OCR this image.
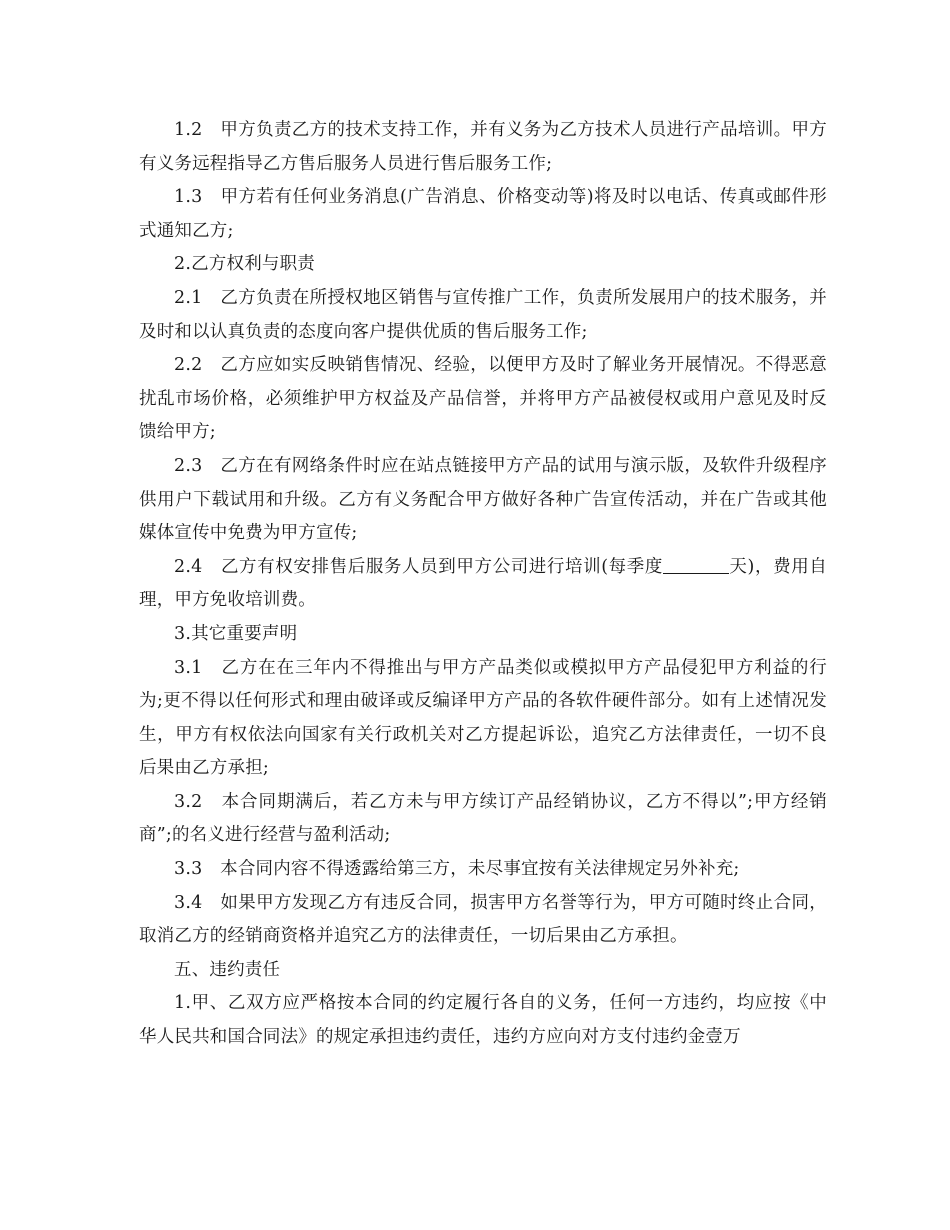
1.2　甲方负责乙方的技术支持工作，并有义务为乙方技术人员进行产品培训。甲方有义务远程指导乙方售后服务人员进行售后服务工作;

1.3　甲方若有任何业务消息(广告消息、价格变动等)将及时以电话、传真或邮件形式通知乙方;

2.乙方权利与职责

2.1　乙方负责在所授权地区销售与宣传推广工作，负责所发展用户的技术服务，并及时和以认真负责的态度向客户提供优质的售后服务工作;

2.2　乙方应如实反映销售情况、经验，以便甲方及时了解业务开展情况。不得恶意扰乱市场价格，必须维护甲方权益及产品信誉，并将甲方产品被侵权或用户意见及时反馈给甲方;

2.3　乙方在有网络条件时应在站点链接甲方产品的试用与演示版，及软件升级程序供用户下载试用和升级。乙方有义务配合甲方做好各种广告宣传活动，并在广告或其他媒体宣传中免费为甲方宣传;

2.4　乙方有权安排售后服务人员到甲方公司进行培训(每季度	天)，费用自理，甲方免收培训费。

3.其它重要声明

3.1　乙方在在三年内不得推出与甲方产品类似或模拟甲方产品侵犯甲方利益的行为;更不得以任何形式和理由破译或反编译甲方产品的各软件硬件部分。如有上述情况发生，甲方有权依法向国家有关行政机关对乙方提起诉讼，追究乙方法律责任，一切不良后果由乙方承担;

3.2　本合同期满后，若乙方未与甲方续订产品经销协议，乙方不得以”;甲方经销商”;的名义进行经营与盈利活动;

3.3　本合同内容不得透露给第三方，未尽事宜按有关法律规定另外补充;

3.4　如果甲方发现乙方有违反合同，损害甲方名誉等行为，甲方可随时终止合同，取消乙方的经销商资格并追究乙方的法律责任，一切后果由乙方承担。

五、违约责任

1.甲、乙双方应严格按本合同的约定履行各自的义务，任何一方违约，均应按《中华人民共和国合同法》的规定承担违约责任，违约方应向对方支付违约金壹万
